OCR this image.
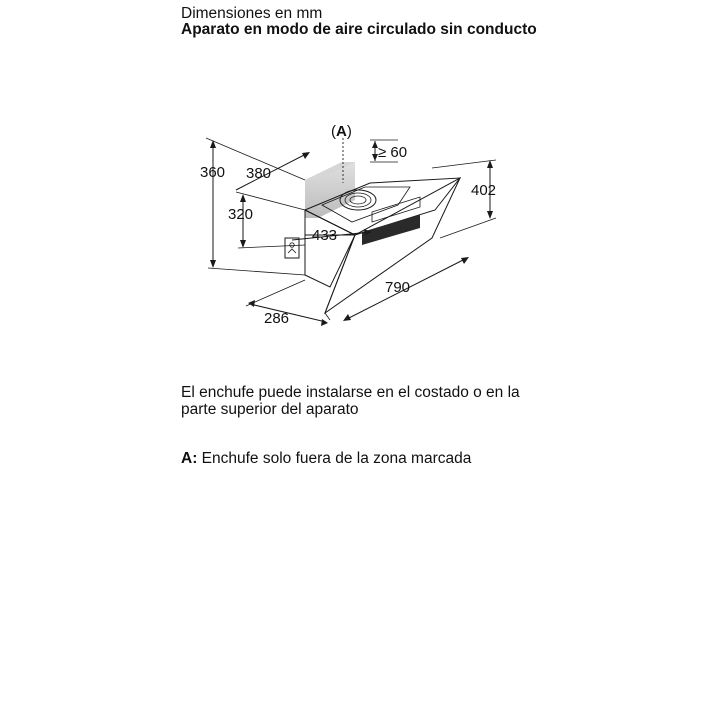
Dimensiones en mm

Aparato en modo de aire circulado sin conducto

(A)
≥ 60
360 380
320
433
402
790
286

El enchufe puede instalarse en el costado o en la parte superior del aparato

A: Enchufe solo fuera de la zona marcada
